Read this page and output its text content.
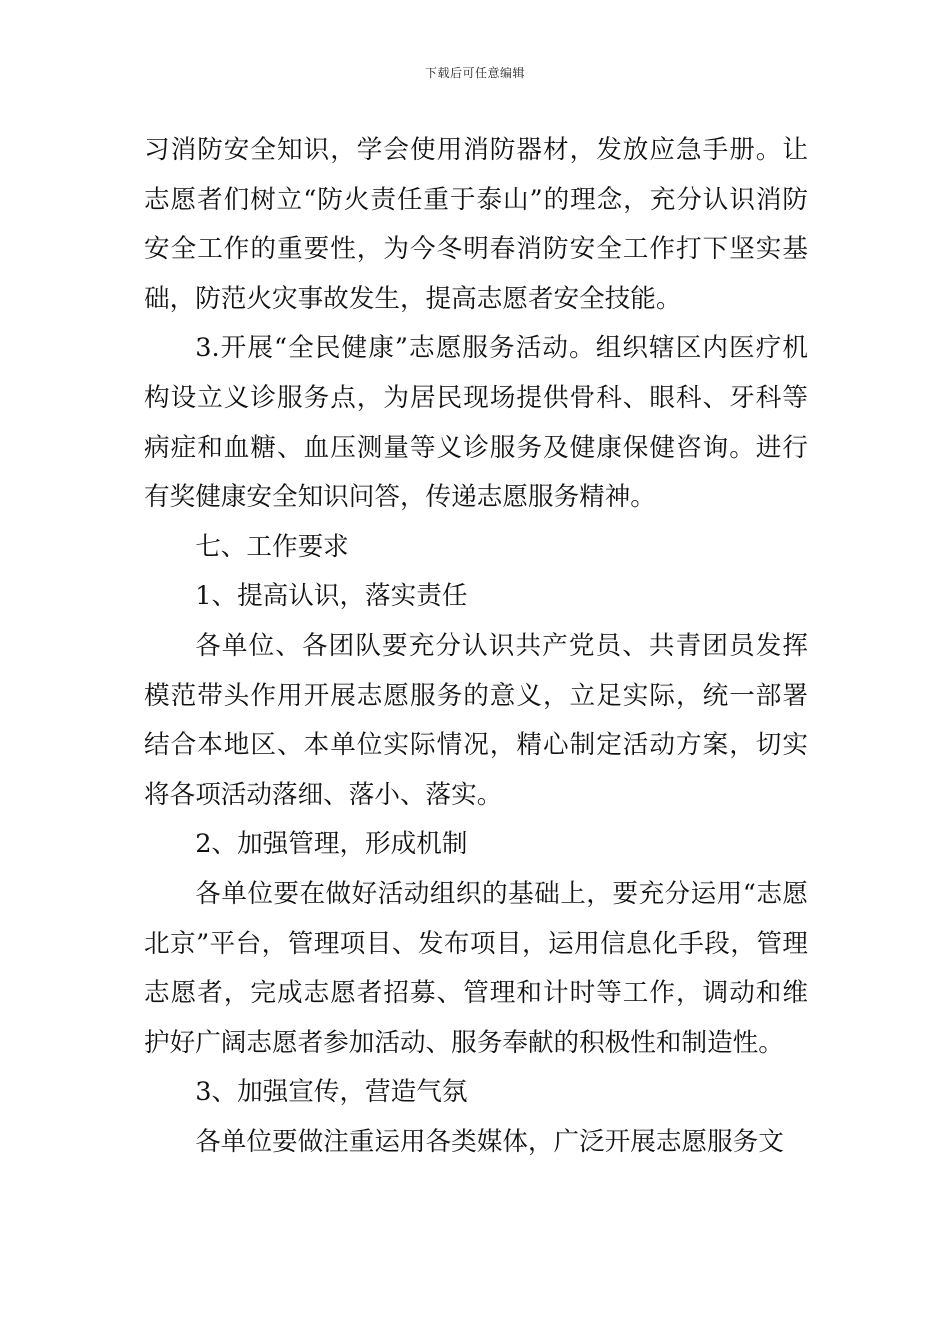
下载后可任意编辑

习消防安全知识，学会使用消防器材，发放应急手册。让志愿者们树立“防火责任重于泰山”的理念，充分认识消防安全工作的重要性，为今冬明春消防安全工作打下坚实基础，防范火灾事故发生，提高志愿者安全技能。

3.开展“全民健康”志愿服务活动。组织辖区内医疗机构设立义诊服务点，为居民现场提供骨科、眼科、牙科等病症和血糖、血压测量等义诊服务及健康保健咨询。进行有奖健康安全知识问答，传递志愿服务精神。

七、工作要求

1、提高认识，落实责任

各单位、各团队要充分认识共产党员、共青团员发挥模范带头作用开展志愿服务的意义，立足实际，统一部署结合本地区、本单位实际情况，精心制定活动方案，切实将各项活动落细、落小、落实。

2、加强管理，形成机制

各单位要在做好活动组织的基础上，要充分运用“志愿北京”平台，管理项目、发布项目，运用信息化手段，管理志愿者，完成志愿者招募、管理和计时等工作，调动和维护好广阔志愿者参加活动、服务奉献的积极性和制造性。

3、加强宣传，营造气氛

各单位要做注重运用各类媒体，广泛开展志愿服务文
